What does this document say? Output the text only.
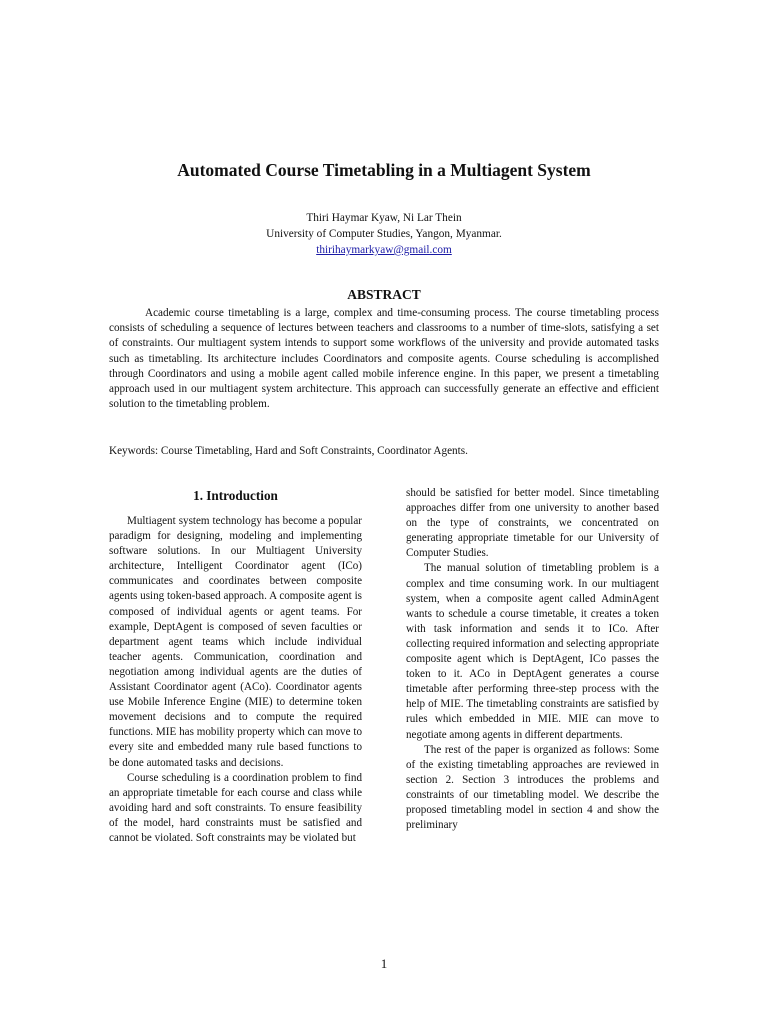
Automated Course Timetabling in a Multiagent System
Thiri Haymar Kyaw, Ni Lar Thein
University of Computer Studies, Yangon, Myanmar.
thirihaymarkyaw@gmail.com
ABSTRACT

Academic course timetabling is a large, complex and time-consuming process. The course timetabling process consists of scheduling a sequence of lectures between teachers and classrooms to a number of time-slots, satisfying a set of constraints. Our multiagent system intends to support some workflows of the university and provide automated tasks such as timetabling. Its architecture includes Coordinators and composite agents. Course scheduling is accomplished through Coordinators and using a mobile agent called mobile inference engine. In this paper, we present a timetabling approach used in our multiagent system architecture. This approach can successfully generate an effective and efficient solution to the timetabling problem.

Keywords: Course Timetabling, Hard and Soft Constraints, Coordinator Agents.

1. Introduction

Multiagent system technology has become a popular paradigm for designing, modeling and implementing software solutions. In our Multiagent University architecture, Intelligent Coordinator agent (ICo) communicates and coordinates between composite agents using token-based approach. A composite agent is composed of individual agents or agent teams. For example, DeptAgent is composed of seven faculties or department agent teams which include individual teacher agents. Communication, coordination and negotiation among individual agents are the duties of Assistant Coordinator agent (ACo). Coordinator agents use Mobile Inference Engine (MIE) to determine token movement decisions and to compute the required functions. MIE has mobility property which can move to every site and embedded many rule based functions to be done automated tasks and decisions.

Course scheduling is a coordination problem to find an appropriate timetable for each course and class while avoiding hard and soft constraints. To ensure feasibility of the model, hard constraints must be satisfied and cannot be violated. Soft constraints may be violated but

should be satisfied for better model. Since timetabling approaches differ from one university to another based on the type of constraints, we concentrated on generating appropriate timetable for our University of Computer Studies.

The manual solution of timetabling problem is a complex and time consuming work. In our multiagent system, when a composite agent called AdminAgent wants to schedule a course timetable, it creates a token with task information and sends it to ICo. After collecting required information and selecting appropriate composite agent which is DeptAgent, ICo passes the token to it. ACo in DeptAgent generates a course timetable after performing three-step process with the help of MIE. The timetabling constraints are satisfied by rules which embedded in MIE. MIE can move to negotiate among agents in different departments.

The rest of the paper is organized as follows: Some of the existing timetabling approaches are reviewed in section 2. Section 3 introduces the problems and constraints of our timetabling model. We describe the proposed timetabling model in section 4 and show the preliminary

1
